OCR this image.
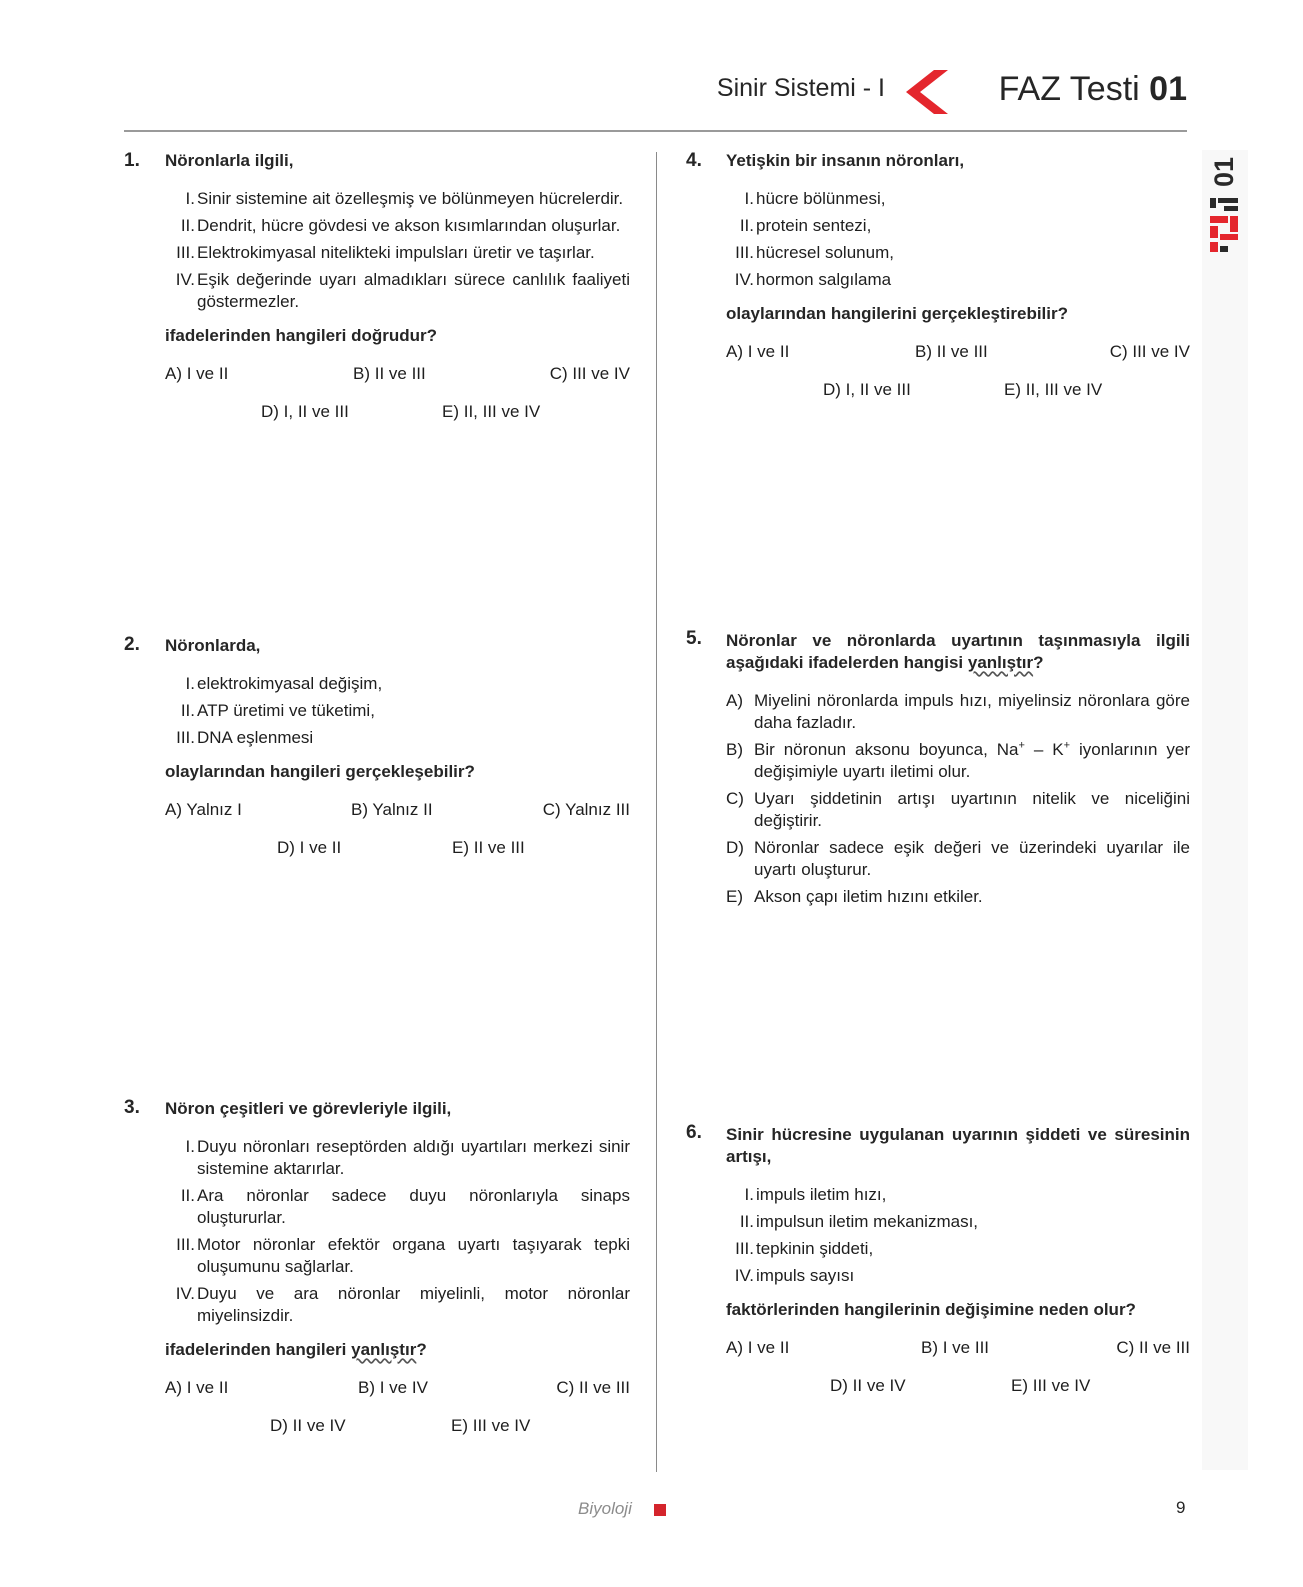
Sinir Sistemi - I	FAZ Testi 01
01
1. Nöronlarla ilgili,
I. Sinir sistemine ait özelleşmiş ve bölünmeyen hücrelerdir.
II. Dendrit, hücre gövdesi ve akson kısımlarından oluşurlar.
III. Elektrokimyasal nitelikteki impulsları üretir ve taşırlar.
IV. Eşik değerinde uyarı almadıkları sürece canlılık faaliyeti göstermezler.
ifadelerinden hangileri doğrudur?
A) I ve II	B) II ve III	C) III ve IV
D) I, II ve III	E) II, III ve IV
2. Nöronlarda,
I. elektrokimyasal değişim,
II. ATP üretimi ve tüketimi,
III. DNA eşlenmesi
olaylarından hangileri gerçekleşebilir?
A) Yalnız I	B) Yalnız II	C) Yalnız III
D) I ve II	E) II ve III
3. Nöron çeşitleri ve görevleriyle ilgili,
I. Duyu nöronları reseptörden aldığı uyartıları merkezi sinir sistemine aktarırlar.
II. Ara nöronlar sadece duyu nöronlarıyla sinaps oluştururlar.
III. Motor nöronlar efektör organa uyartı taşıyarak tepki oluşumunu sağlarlar.
IV. Duyu ve ara nöronlar miyelinli, motor nöronlar miyelinsizdir.
ifadelerinden hangileri yanlıştır?
A) I ve II	B) I ve IV	C) II ve III
D) II ve IV	E) III ve IV
4. Yetişkin bir insanın nöronları,
I. hücre bölünmesi,
II. protein sentezi,
III. hücresel solunum,
IV. hormon salgılama
olaylarından hangilerini gerçekleştirebilir?
A) I ve II	B) II ve III	C) III ve IV
D) I, II ve III	E) II, III ve IV
5. Nöronlar ve nöronlarda uyartının taşınmasıyla ilgili aşağıdaki ifadelerden hangisi yanlıştır?
A) Miyelini nöronlarda impuls hızı, miyelinsiz nöronlara göre daha fazladır.
B) Bir nöronun aksonu boyunca, Na+ – K+ iyonlarının yer değişimiyle uyartı iletimi olur.
C) Uyarı şiddetinin artışı uyartının nitelik ve niceliğini değiştirir.
D) Nöronlar sadece eşik değeri ve üzerindeki uyarılar ile uyartı oluşturur.
E) Akson çapı iletim hızını etkiler.
6. Sinir hücresine uygulanan uyarının şiddeti ve süresinin artışı,
I. impuls iletim hızı,
II. impulsun iletim mekanizması,
III. tepkinin şiddeti,
IV. impuls sayısı
faktörlerinden hangilerinin değişimine neden olur?
A) I ve II	B) I ve III	C) II ve III
D) II ve IV	E) III ve IV
Biyoloji	9
